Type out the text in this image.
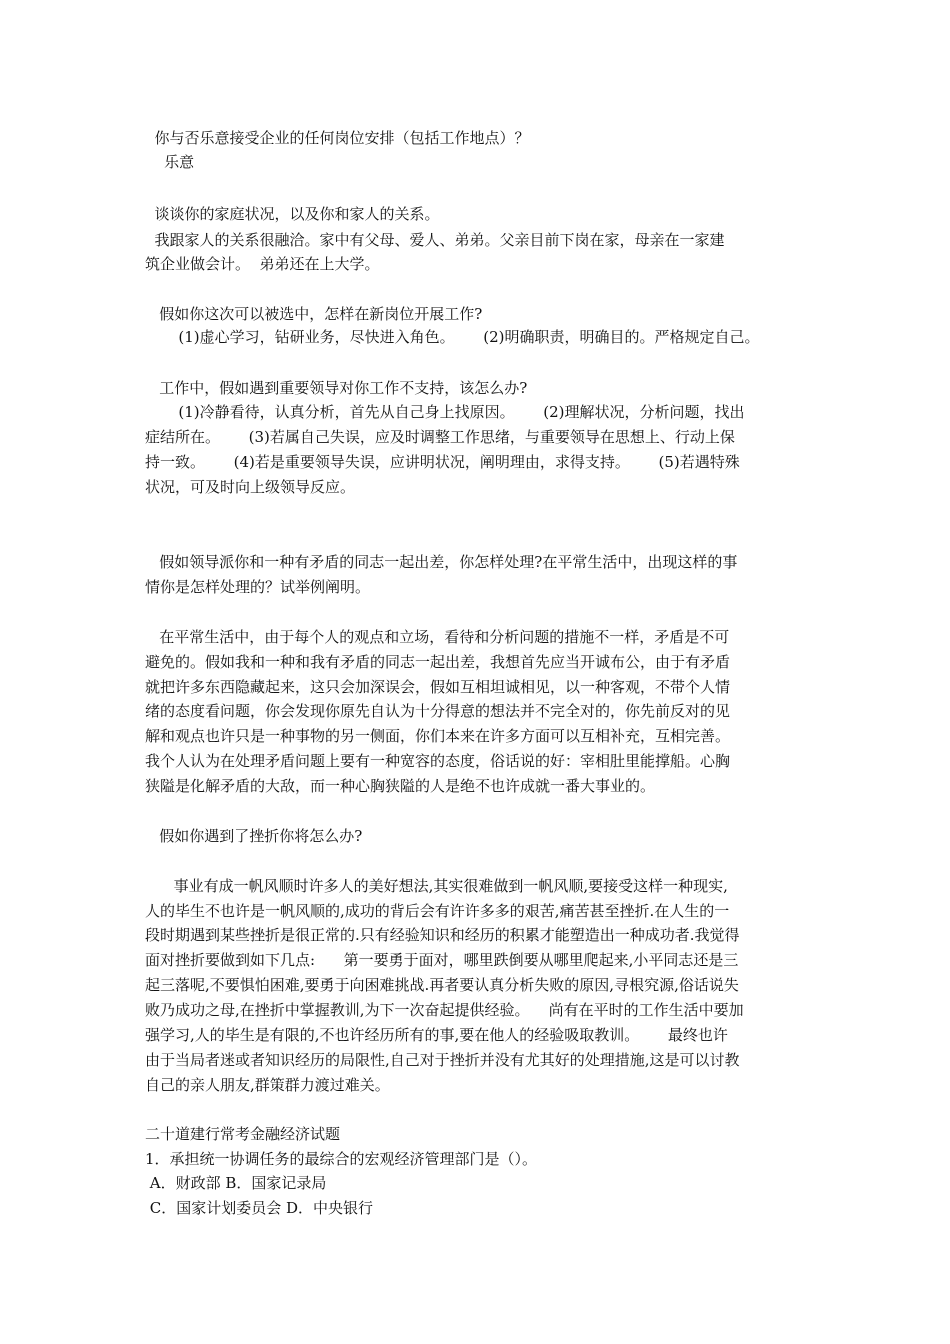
你与否乐意接受企业的任何岗位安排（包括工作地点）？

乐意

谈谈你的家庭状况，以及你和家人的关系。

我跟家人的关系很融洽。家中有父母、爱人、弟弟。父亲目前下岗在家，母亲在一家建

筑企业做会计。  弟弟还在上大学。

假如你这次可以被选中，怎样在新岗位开展工作?

(1)虚心学习，钻研业务，尽快进入角色。      (2)明确职责，明确目的。严格规定自己。

工作中，假如遇到重要领导对你工作不支持，该怎么办?

(1)冷静看待，认真分析，首先从自己身上找原因。      (2)理解状况，分析问题，找出

症结所在。      (3)若属自己失误，应及时调整工作思绪，与重要领导在思想上、行动上保

持一致。      (4)若是重要领导失误，应讲明状况，阐明理由，求得支持。      (5)若遇特殊

状况，可及时向上级领导反应。

假如领导派你和一种有矛盾的同志一起出差，你怎样处理?在平常生活中，出现这样的事

情你是怎样处理的？试举例阐明。

在平常生活中，由于每个人的观点和立场，看待和分析问题的措施不一样，矛盾是不可

避免的。假如我和一种和我有矛盾的同志一起出差，我想首先应当开诚布公，由于有矛盾

就把许多东西隐藏起来，这只会加深误会，假如互相坦诚相见，以一种客观，不带个人情

绪的态度看问题，你会发现你原先自认为十分得意的想法并不完全对的，你先前反对的见

解和观点也许只是一种事物的另一侧面，你们本来在许多方面可以互相补充，互相完善。

我个人认为在处理矛盾问题上要有一种宽容的态度，俗话说的好：宰相肚里能撑船。心胸

狭隘是化解矛盾的大敌，而一种心胸狭隘的人是绝不也许成就一番大事业的。

假如你遇到了挫折你将怎么办?

事业有成一帆风顺时许多人的美好想法,其实很难做到一帆风顺,要接受这样一种现实,

人的毕生不也许是一帆风顺的,成功的背后会有许许多多的艰苦,痛苦甚至挫折.在人生的一

段时期遇到某些挫折是很正常的.只有经验知识和经历的积累才能塑造出一种成功者.我觉得

面对挫折要做到如下几点:      第一要勇于面对，哪里跌倒要从哪里爬起来,小平同志还是三

起三落呢,不要惧怕困难,要勇于向困难挑战.再者要认真分析失败的原因,寻根究源,俗话说失

败乃成功之母,在挫折中掌握教训,为下一次奋起提供经验。    尚有在平时的工作生活中要加

强学习,人的毕生是有限的,不也许经历所有的事,要在他人的经验吸取教训。      最终也许

由于当局者迷或者知识经历的局限性,自己对于挫折并没有尤其好的处理措施,这是可以讨教

自己的亲人朋友,群策群力渡过难关。

二十道建行常考金融经济试题

1．承担统一协调任务的最综合的宏观经济管理部门是（）。

A．财政部 B．国家记录局

C．国家计划委员会 D．中央银行
